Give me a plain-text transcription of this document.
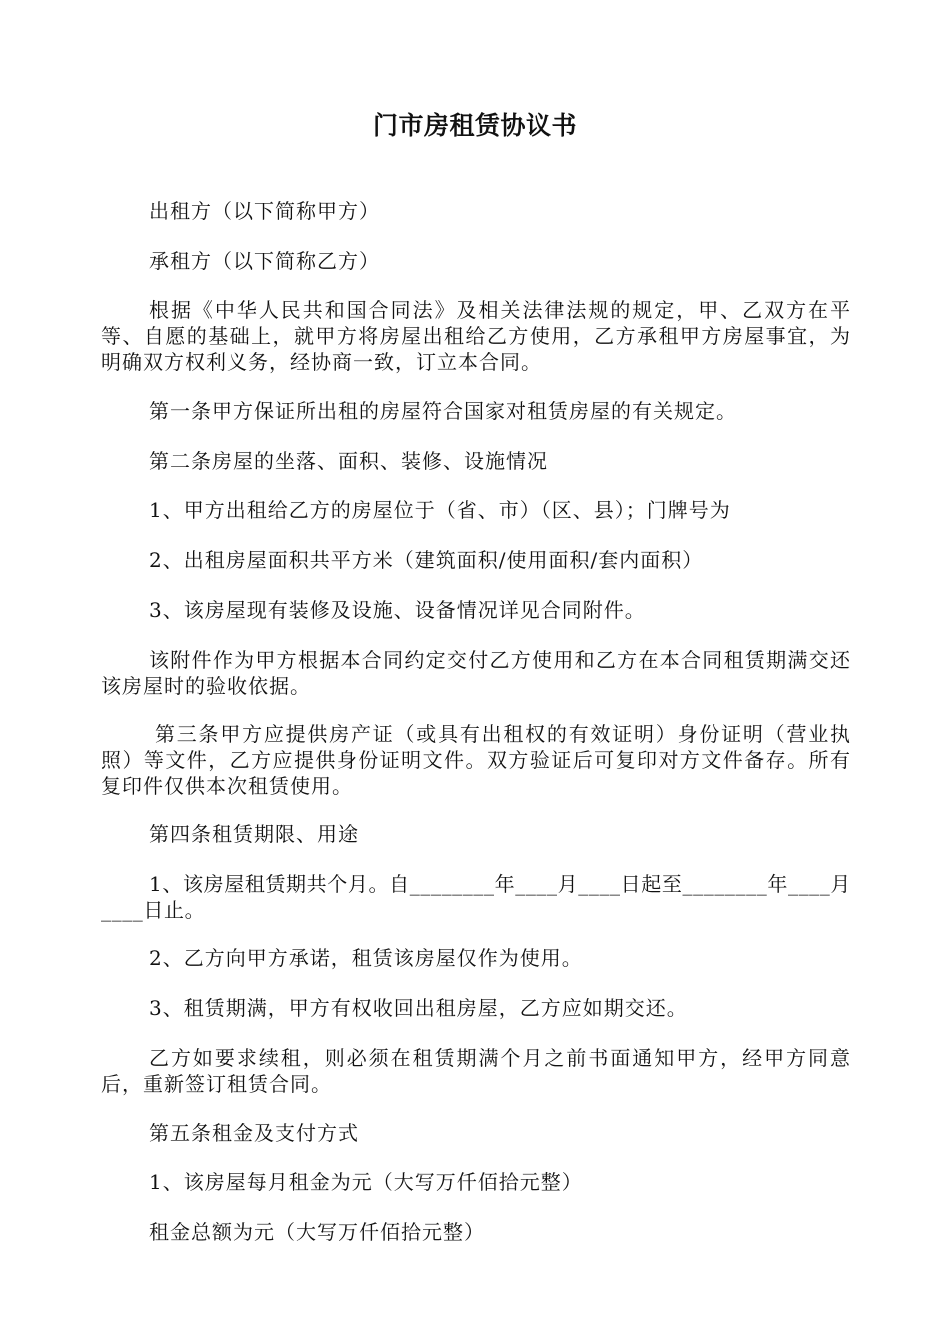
门市房租赁协议书

出租方（以下简称甲方）

承租方（以下简称乙方）

根据《中华人民共和国合同法》及相关法律法规的规定，甲、乙双方在平等、自愿的基础上，就甲方将房屋出租给乙方使用，乙方承租甲方房屋事宜，为明确双方权利义务，经协商一致，订立本合同。

第一条甲方保证所出租的房屋符合国家对租赁房屋的有关规定。

第二条房屋的坐落、面积、装修、设施情况

1、甲方出租给乙方的房屋位于（省、市）（区、县）；门牌号为

2、出租房屋面积共平方米（建筑面积/使用面积/套内面积）

3、该房屋现有装修及设施、设备情况详见合同附件。

该附件作为甲方根据本合同约定交付乙方使用和乙方在本合同租赁期满交还该房屋时的验收依据。

第三条甲方应提供房产证（或具有出租权的有效证明）身份证明（营业执照）等文件，乙方应提供身份证明文件。双方验证后可复印对方文件备存。所有复印件仅供本次租赁使用。

第四条租赁期限、用途

1、该房屋租赁期共个月。自________年____月____日起至________年____月____日止。

2、乙方向甲方承诺，租赁该房屋仅作为使用。

3、租赁期满，甲方有权收回出租房屋，乙方应如期交还。

乙方如要求续租，则必须在租赁期满个月之前书面通知甲方，经甲方同意后，重新签订租赁合同。

第五条租金及支付方式

1、该房屋每月租金为元（大写万仟佰拾元整）

租金总额为元（大写万仟佰拾元整）
